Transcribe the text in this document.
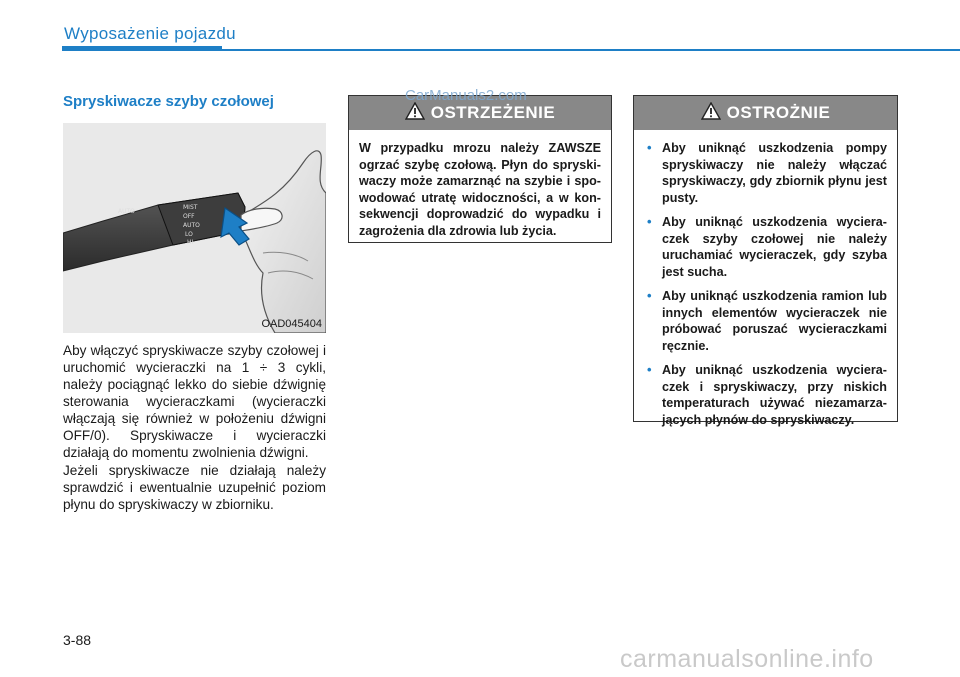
Wyposażenie pojazdu
Spryskiwacze szyby czołowej
AUTO
MIST
OFF
AUTO
LO
HI
OAD045404

Aby włączyć spryskiwacze szyby czołowej i uruchomić wycieraczki na 1 ÷ 3 cykli, należy pociągnąć lekko do siebie dźwignię sterowania wycieraczkami (wycieraczki włączają się również w położeniu dźwigni OFF/0). Spryskiwacze i wycieraczki działają do momentu zwolnienia dźwigni.

Jeżeli spryskiwacze nie działają należy sprawdzić i ewentualnie uzupełnić poziom płynu do spryskiwaczy w zbiorniku.

OSTRZEŻENIE

W przypadku mrozu należy ZAWSZE ogrzać szybę czołową. Płyn do spryskiwaczy może zamarznąć na szybie i spowodować utratę widoczności, a w konsekwencji doprowadzić do wypadku i zagrożenia dla zdrowia lub życia.

OSTROŻNIE
• Aby uniknąć uszkodzenia pompy spryskiwaczy nie należy włączać spryskiwaczy, gdy zbiornik płynu jest pusty.
• Aby uniknąć uszkodzenia wycieraczek szyby czołowej nie należy uruchamiać wycieraczek, gdy szyba jest sucha.
• Aby uniknąć uszkodzenia ramion lub innych elementów wycieraczek nie próbować poruszać wycieraczkami ręcznie.
• Aby uniknąć uszkodzenia wycieraczek i spryskiwaczy, przy niskich temperaturach używać niezamarzających płynów do spryskiwaczy.
CarManuals2.com
3-88
carmanualsonline.info
